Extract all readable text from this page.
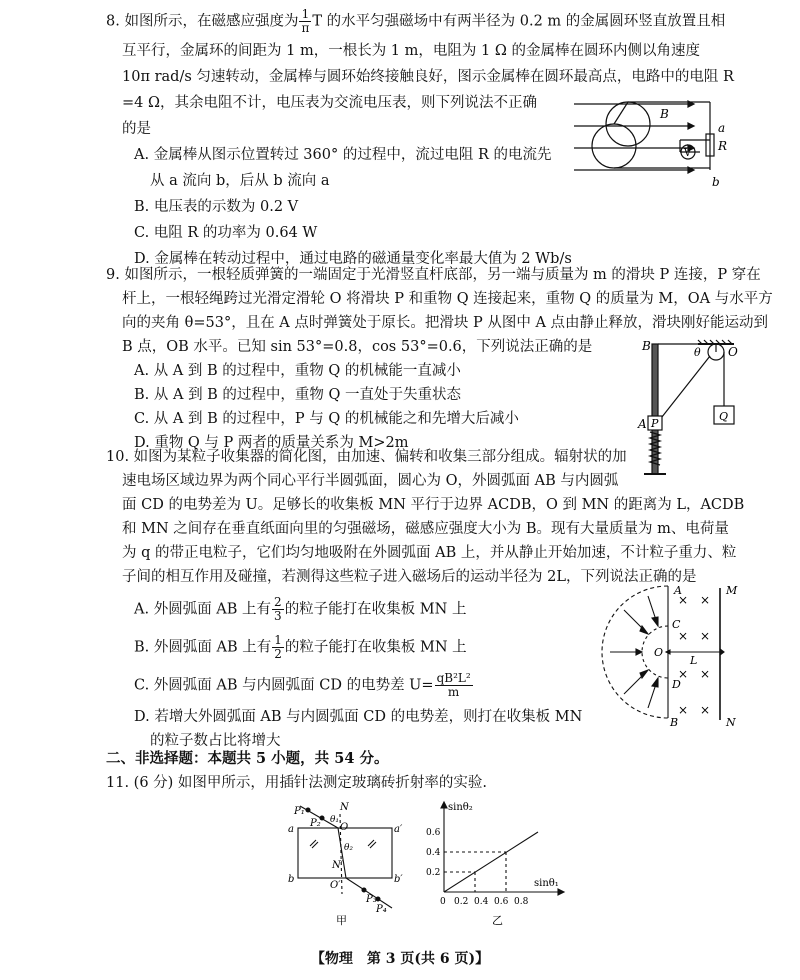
8. 如图所示，在磁感应强度为 $\frac{1}{\pi}$ T 的水平匀强磁场中有两半径为 0.2 m 的金属圆环竖直放置且相
互平行，金属环的间距为 1 m，一根长为 1 m，电阻为 1 Ω 的金属棒在圆环内侧以角速度
10π rad/s 匀速转动，金属棒与圆环始终接触良好，图示金属棒在圆环最高点，电路中的电阻 R
=4 Ω，其余电阻不计，电压表为交流电压表，则下列说法不正确
的是
A. 金属棒从图示位置转过 360° 的过程中，流过电阻 R 的电流先
从 a 流向 b，后从 b 流向 a
B. 电压表的示数为 0.2 V
C. 电阻 R 的功率为 0.64 W
D. 金属棒在转动过程中，通过电路的磁通量变化率最大值为 2 Wb/s
B
a
R
b
V
9. 如图所示，一根轻质弹簧的一端固定于光滑竖直杆底部，另一端与质量为 m 的滑块 P 连接，P 穿在
杆上，一根轻绳跨过光滑定滑轮 O 将滑块 P 和重物 Q 连接起来，重物 Q 的质量为 M，OA 与水平方
向的夹角 θ=53°，且在 A 点时弹簧处于原长。把滑块 P 从图中 A 点由静止释放，滑块刚好能运动到
B 点，OB 水平。已知 sin 53°=0.8，cos 53°=0.6，下列说法正确的是
A. 从 A 到 B 的过程中，重物 Q 的机械能一直减小
B. 从 A 到 B 的过程中，重物 Q 一直处于失重状态
C. 从 A 到 B 的过程中，P 与 Q 的机械能之和先增大后减小
D. 重物 Q 与 P 两者的质量关系为 M>2m
B	θ O
A P
Q
10. 如图为某粒子收集器的简化图，由加速、偏转和收集三部分组成。辐射状的加
速电场区域边界为两个同心平行半圆弧面，圆心为 O，外圆弧面 AB 与内圆弧
面 CD 的电势差为 U。足够长的收集板 MN 平行于边界 ACDB，O 到 MN 的距离为 L，ACDB
和 MN 之间存在垂直纸面向里的匀强磁场，磁感应强度大小为 B。现有大量质量为 m、电荷量
为 q 的带正电粒子，它们均匀地吸附在外圆弧面 AB 上，并从静止开始加速，不计粒子重力、粒
子间的相互作用及碰撞，若测得这些粒子进入磁场后的运动半径为 2L，下列说法正确的是
A. 外圆弧面 AB 上有 $\frac{2}{3}$ 的粒子能打在收集板 MN 上
B. 外圆弧面 AB 上有 $\frac{1}{2}$ 的粒子能打在收集板 MN 上
C. 外圆弧面 AB 与内圆弧面 CD 的电势差 $U= \frac{\text{qB²L²}}{m}$
D. 若增大外圆弧面 AB 与内圆弧面 CD 的电势差，则打在收集板 MN
的粒子数占比将增大
A
B
C
D
O
L
M
N
× ×
× ×
× ×
× ×
二、非选择题：本题共 5 小题，共 54 分。
11. (6 分) 如图甲所示，用插针法测定玻璃砖折射率的实验.
P₁
P₂
N
θ₁
O
θ₂
N′
O′
a	a′
b	b′
P₃
P₄
甲
sinθ₂
sinθ₁
0.2
0.4
0.6
0 0.2 0.4 0.6 0.8
乙
【物理　第 3 页(共 6 页)】
